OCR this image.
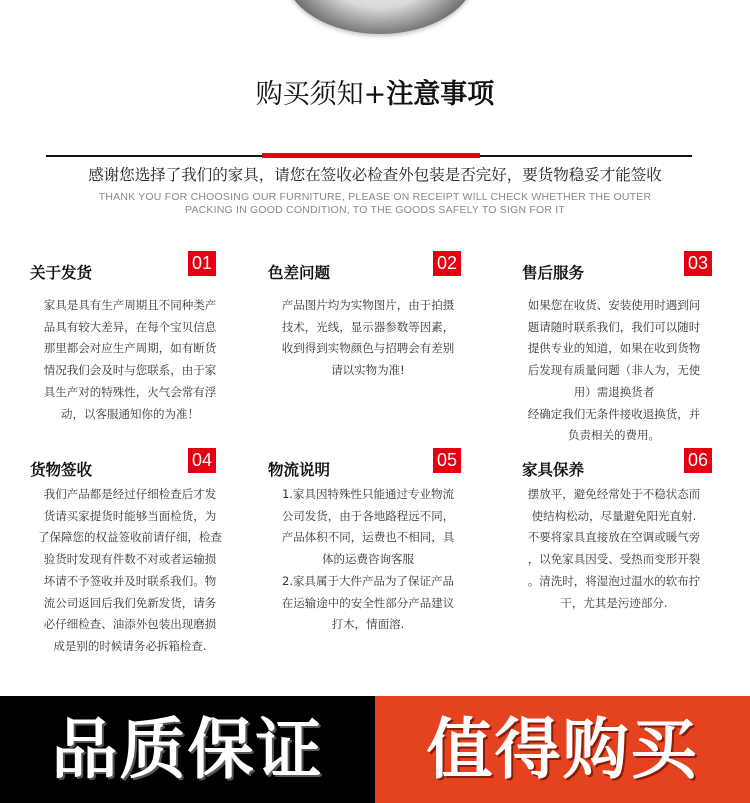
购买须知+注意事项
感谢您选择了我们的家具，请您在签收必检查外包装是否完好，要货物稳妥才能签收
THANK YOU FOR CHOOSING OUR FURNITURE, PLEASE ON RECEIPT WILL CHECK WHETHER THE OUTER
PACKING IN GOOD CONDITION, TO THE GOODS SAFELY TO SIGN FOR IT
关于发货	01
家具是具有生产周期且不同种类产
品具有较大差异，在每个宝贝信息
那里都会对应生产周期，如有断货
情况我们会及时与您联系，由于家
具生产对的特殊性，火气会常有浮
动，以客服通知你的为准！
色差问题	02
产品图片均为实物图片，由于拍摄
技术，光线，显示器参数等因素，
收到得到实物颜色与招聘会有差别
请以实物为准!
售后服务	03
如果您在收货、安装使用时遇到问
题请随时联系我们，我们可以随时
提供专业的知道，如果在收到货物
后发现有质量问题（非人为，无使
用）需退换货者
经确定我们无条件接收退换货，并
负责相关的费用。
货物签收	04
我们产品都是经过仔细检查后才发
货请买家提货时能够当面检货，为
了保障您的权益签收前请仔细，检查
验货时发现有件数不对或者运输损
坏请不予签收并及时联系我们。物
流公司返回后我们免新发货，请务
必仔细检查、油添外包装出现磨损
成是别的时候请务必拆箱检查.
物流说明	05
1.家具因特殊性只能通过专业物流
公司发货，由于各地路程远不同，
产品体积不同，运费也不相同，具
体的运费咨询客服
2.家具属于大件产品为了保证产品
在运输途中的安全性部分产品建议
打木，情面溶.
家具保养	06
摆放平，避免经常处于不稳状态而
使结构松动，尽量避免阳光直射.
不要将家具直接放在空调或暖气旁
，以免家具因受、受热而变形开裂
。清洗时，将湿泡过温水的软布拧
干，尤其是污迹部分.
品质保证	值得购买
